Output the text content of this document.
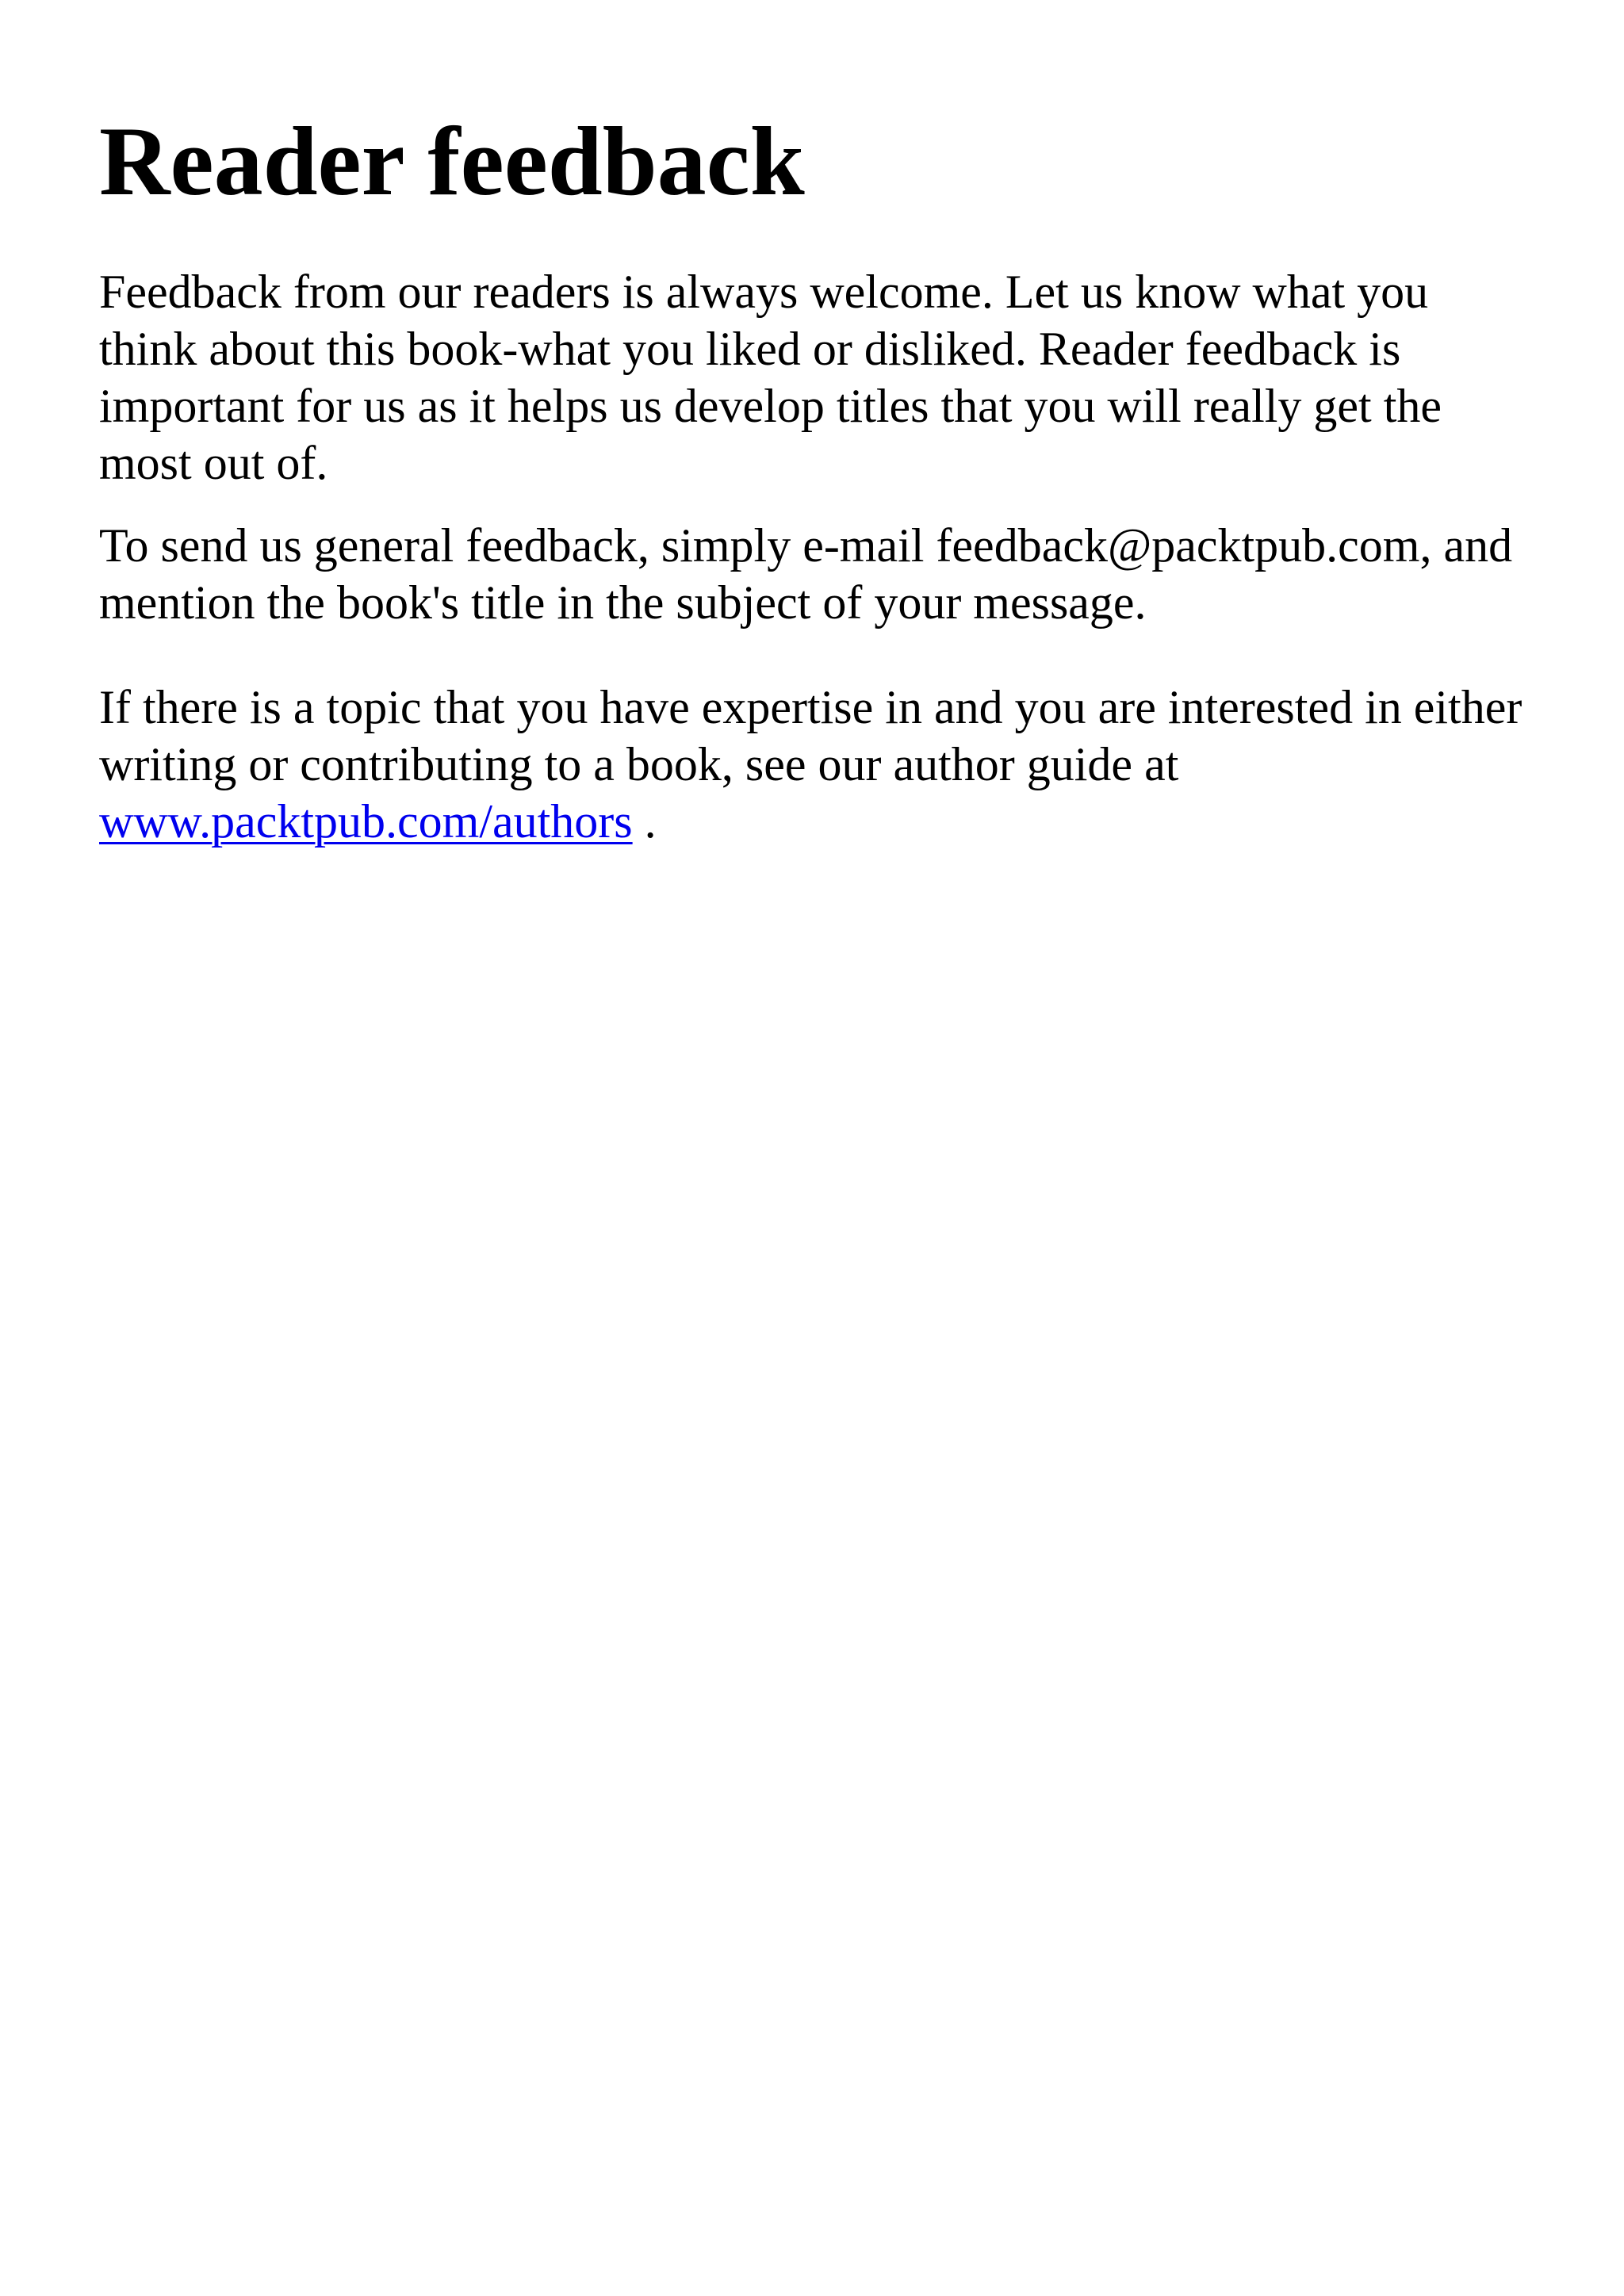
Reader feedback

Feedback from our readers is always welcome. Let us know what you think about this book-what you liked or disliked. Reader feedback is important for us as it helps us develop titles that you will really get the most out of.

To send us general feedback, simply e-mail feedback@packtpub.com, and mention the book's title in the subject of your message.

If there is a topic that you have expertise in and you are interested in either writing or contributing to a book, see our author guide at www.packtpub.com/authors .
